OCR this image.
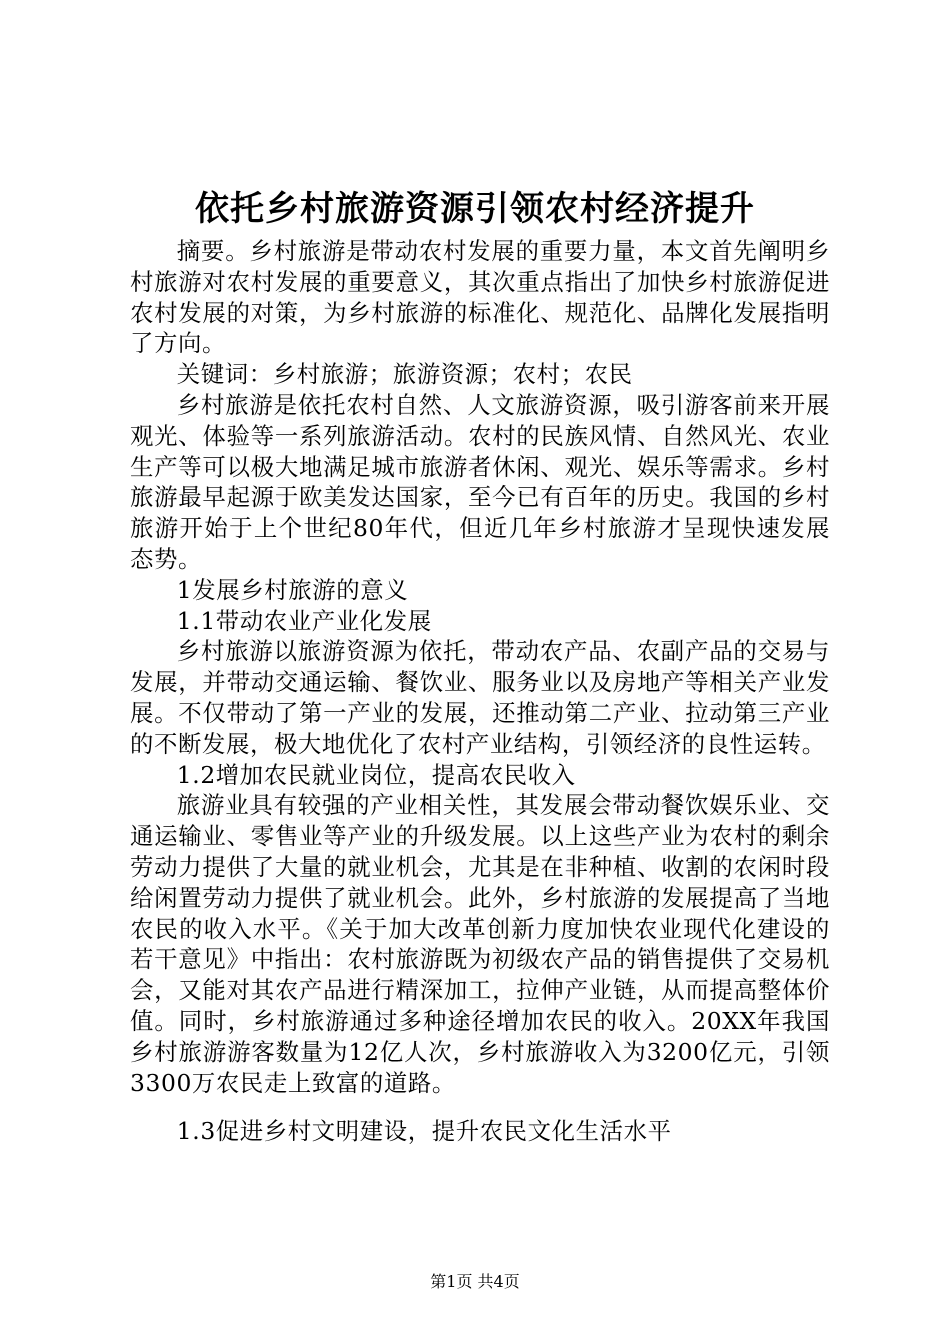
依托乡村旅游资源引领农村经济提升

摘要。乡村旅游是带动农村发展的重要力量，本文首先阐明乡村旅游对农村发展的重要意义，其次重点指出了加快乡村旅游促进农村发展的对策，为乡村旅游的标准化、规范化、品牌化发展指明了方向。

关键词：乡村旅游；旅游资源；农村；农民

乡村旅游是依托农村自然、人文旅游资源，吸引游客前来开展观光、体验等一系列旅游活动。农村的民族风情、自然风光、农业生产等可以极大地满足城市旅游者休闲、观光、娱乐等需求。乡村旅游最早起源于欧美发达国家，至今已有百年的历史。我国的乡村旅游开始于上个世纪80年代，但近几年乡村旅游才呈现快速发展态势。

1发展乡村旅游的意义

1.1带动农业产业化发展

乡村旅游以旅游资源为依托，带动农产品、农副产品的交易与发展，并带动交通运输、餐饮业、服务业以及房地产等相关产业发展。不仅带动了第一产业的发展，还推动第二产业、拉动第三产业的不断发展，极大地优化了农村产业结构，引领经济的良性运转。

1.2增加农民就业岗位，提高农民收入

旅游业具有较强的产业相关性，其发展会带动餐饮娱乐业、交通运输业、零售业等产业的升级发展。以上这些产业为农村的剩余劳动力提供了大量的就业机会，尤其是在非种植、收割的农闲时段给闲置劳动力提供了就业机会。此外，乡村旅游的发展提高了当地农民的收入水平。《关于加大改革创新力度加快农业现代化建设的若干意见》中指出：农村旅游既为初级农产品的销售提供了交易机会，又能对其农产品进行精深加工，拉伸产业链，从而提高整体价值。同时，乡村旅游通过多种途径增加农民的收入。20XX年我国乡村旅游游客数量为12亿人次，乡村旅游收入为3200亿元，引领3300万农民走上致富的道路。

1.3促进乡村文明建设，提升农民文化生活水平

第1页 共4页
